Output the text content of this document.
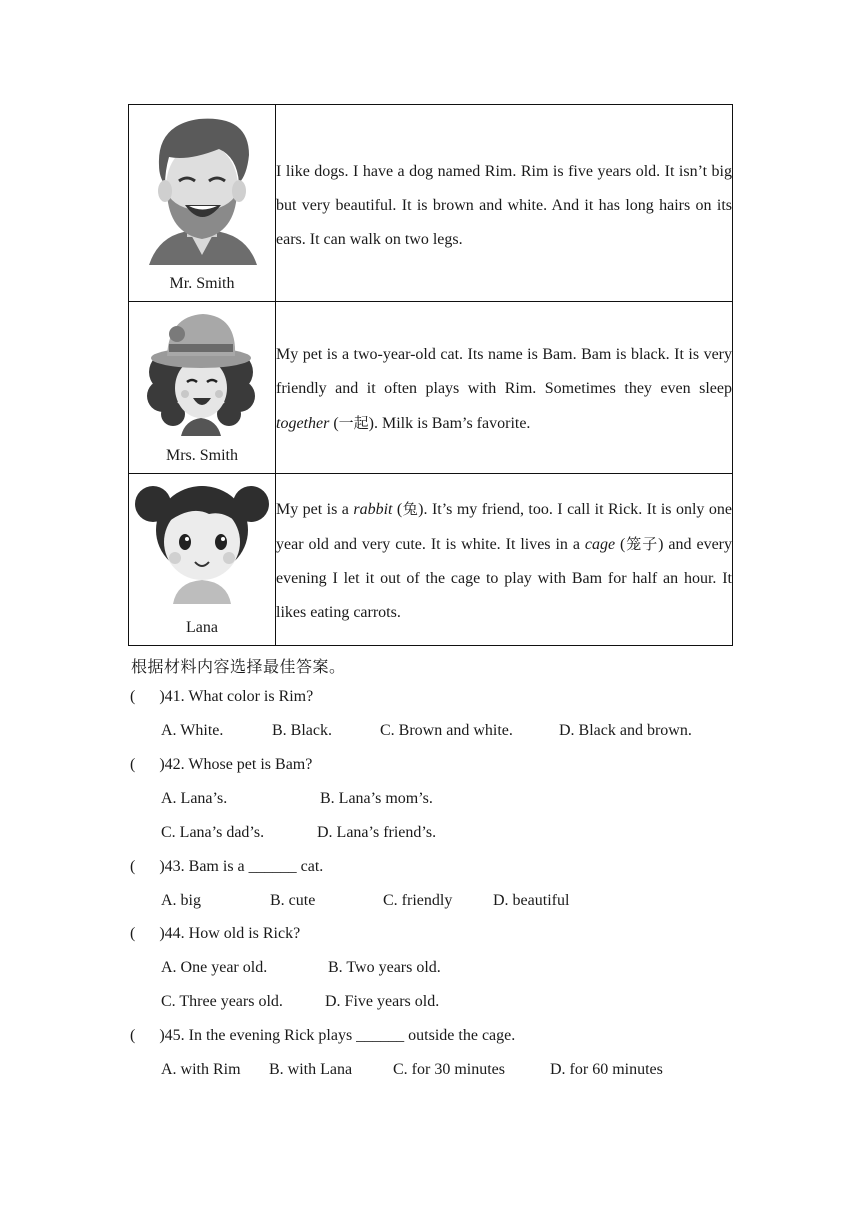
Mr. Smith	I like dogs. I have a dog named Rim. Rim is five years old. It isn’t big but very beautiful. It is brown and white. And it has long hairs on its ears. It can walk on two legs.

Mrs. Smith	My pet is a two-year-old cat. Its name is Bam. Bam is black. It is very friendly and it often plays with Rim. Sometimes they even sleep together (一起). Milk is Bam’s favorite.

Lana	My pet is a rabbit (兔). It’s my friend, too. I call it Rick. It is only one year old and very cute. It is white. It lives in a cage (笼子) and every evening I let it out of the cage to play with Bam for half an hour. It likes eating carrots.

根据材料内容选择最佳答案。
(      )41. What color is Rim?
A. White.	B. Black.	C. Brown and white.	D. Black and brown.
(      )42. Whose pet is Bam?
A. Lana’s.	B. Lana’s mom’s.
C. Lana’s dad’s.	D. Lana’s friend’s.
(      )43. Bam is a ______ cat.
A. big	B. cute	C. friendly	D. beautiful
(      )44. How old is Rick?
A. One year old.	B. Two years old.
C. Three years old.	D. Five years old.
(      )45. In the evening Rick plays ______ outside the cage.
A. with Rim B. with Lana	C. for 30 minutes	D. for 60 minutes
